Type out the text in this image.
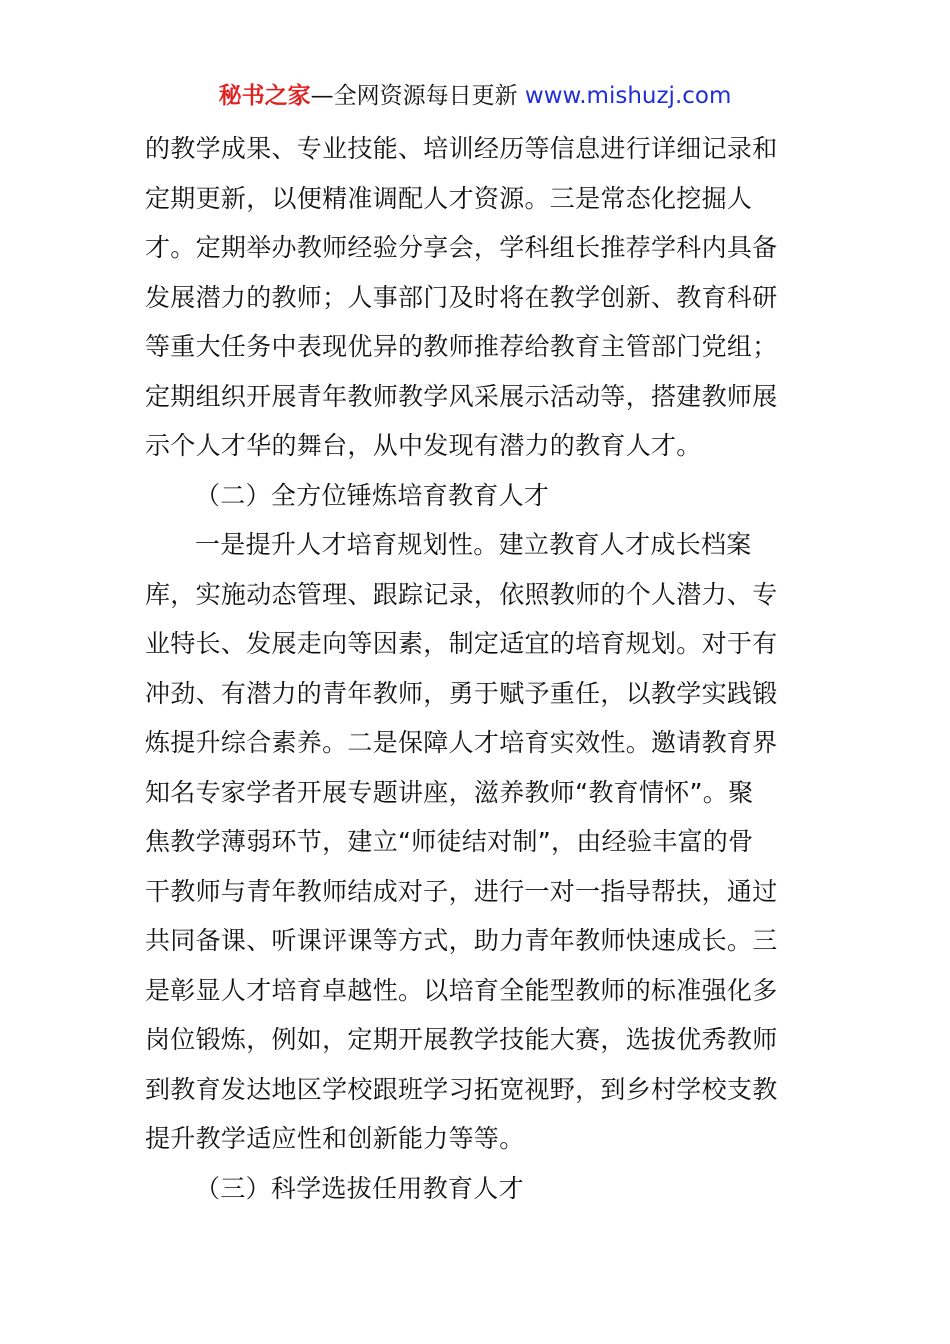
秘书之家—全网资源每日更新 www.mishuzj.com
的教学成果、专业技能、培训经历等信息进行详细记录和
定期更新，以便精准调配人才资源。三是常态化挖掘人
才。定期举办教师经验分享会，学科组长推荐学科内具备
发展潜力的教师；人事部门及时将在教学创新、教育科研
等重大任务中表现优异的教师推荐给教育主管部门党组；
定期组织开展青年教师教学风采展示活动等，搭建教师展
示个人才华的舞台，从中发现有潜力的教育人才。
（二）全方位锤炼培育教育人才
一是提升人才培育规划性。建立教育人才成长档案
库，实施动态管理、跟踪记录，依照教师的个人潜力、专
业特长、发展走向等因素，制定适宜的培育规划。对于有
冲劲、有潜力的青年教师，勇于赋予重任，以教学实践锻
炼提升综合素养。二是保障人才培育实效性。邀请教育界
知名专家学者开展专题讲座，滋养教师“教育情怀”。聚
焦教学薄弱环节，建立“师徒结对制”，由经验丰富的骨
干教师与青年教师结成对子，进行一对一指导帮扶，通过
共同备课、听课评课等方式，助力青年教师快速成长。三
是彰显人才培育卓越性。以培育全能型教师的标准强化多
岗位锻炼，例如，定期开展教学技能大赛，选拔优秀教师
到教育发达地区学校跟班学习拓宽视野，到乡村学校支教
提升教学适应性和创新能力等等。
（三）科学选拔任用教育人才
